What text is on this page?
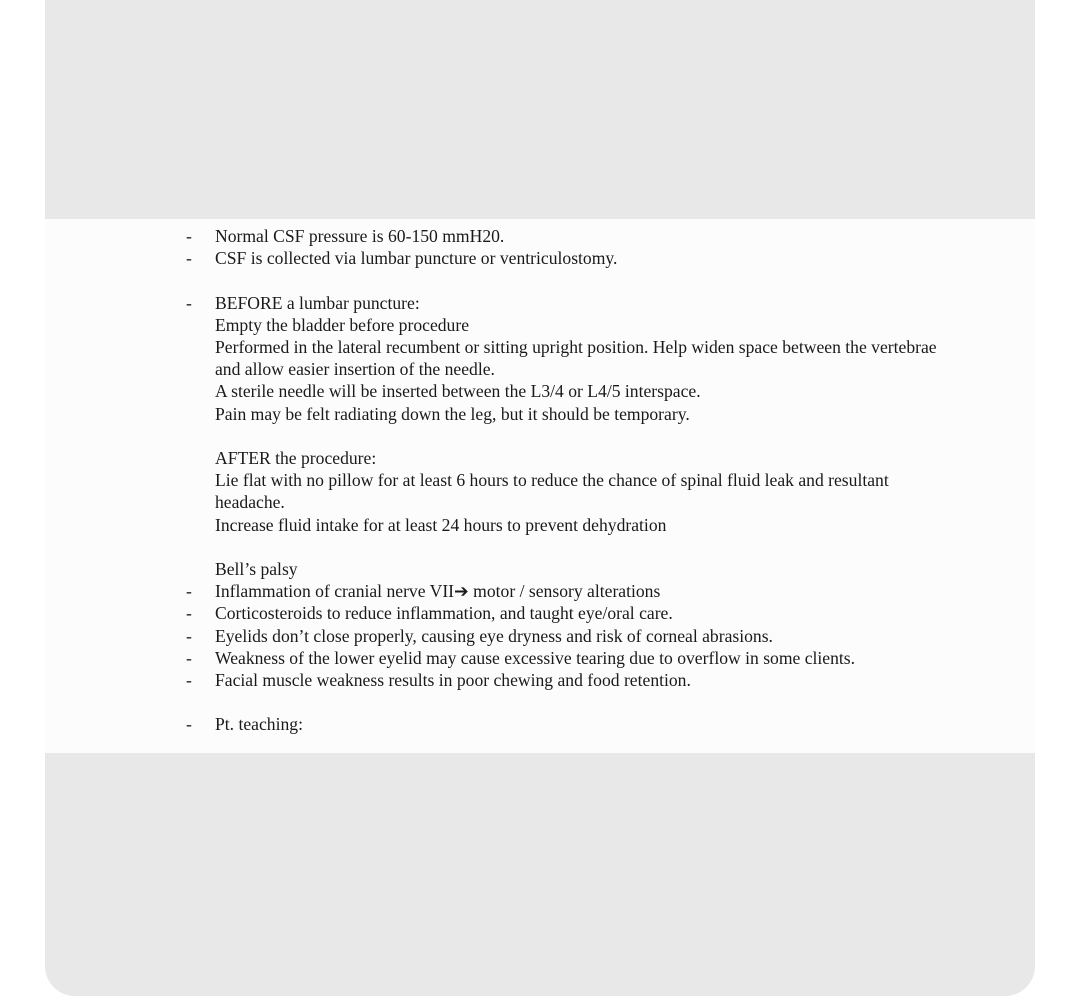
- Normal CSF pressure is 60-150 mmH20.
- CSF is collected via lumbar puncture or ventriculostomy.
- BEFORE a lumbar puncture:
Empty the bladder before procedure
Performed in the lateral recumbent or sitting upright position. Help widen space between the vertebrae and allow easier insertion of the needle.
A sterile needle will be inserted between the L3/4 or L4/5 interspace.
Pain may be felt radiating down the leg, but it should be temporary.
AFTER the procedure:
Lie flat with no pillow for at least 6 hours to reduce the chance of spinal fluid leak and resultant headache.
Increase fluid intake for at least 24 hours to prevent dehydration
Bell’s palsy
- Inflammation of cranial nerve VII➔ motor / sensory alterations
- Corticosteroids to reduce inflammation, and taught eye/oral care.
- Eyelids don’t close properly, causing eye dryness and risk of corneal abrasions.
- Weakness of the lower eyelid may cause excessive tearing due to overflow in some clients.
- Facial muscle weakness results in poor chewing and food retention.
- Pt. teaching:
